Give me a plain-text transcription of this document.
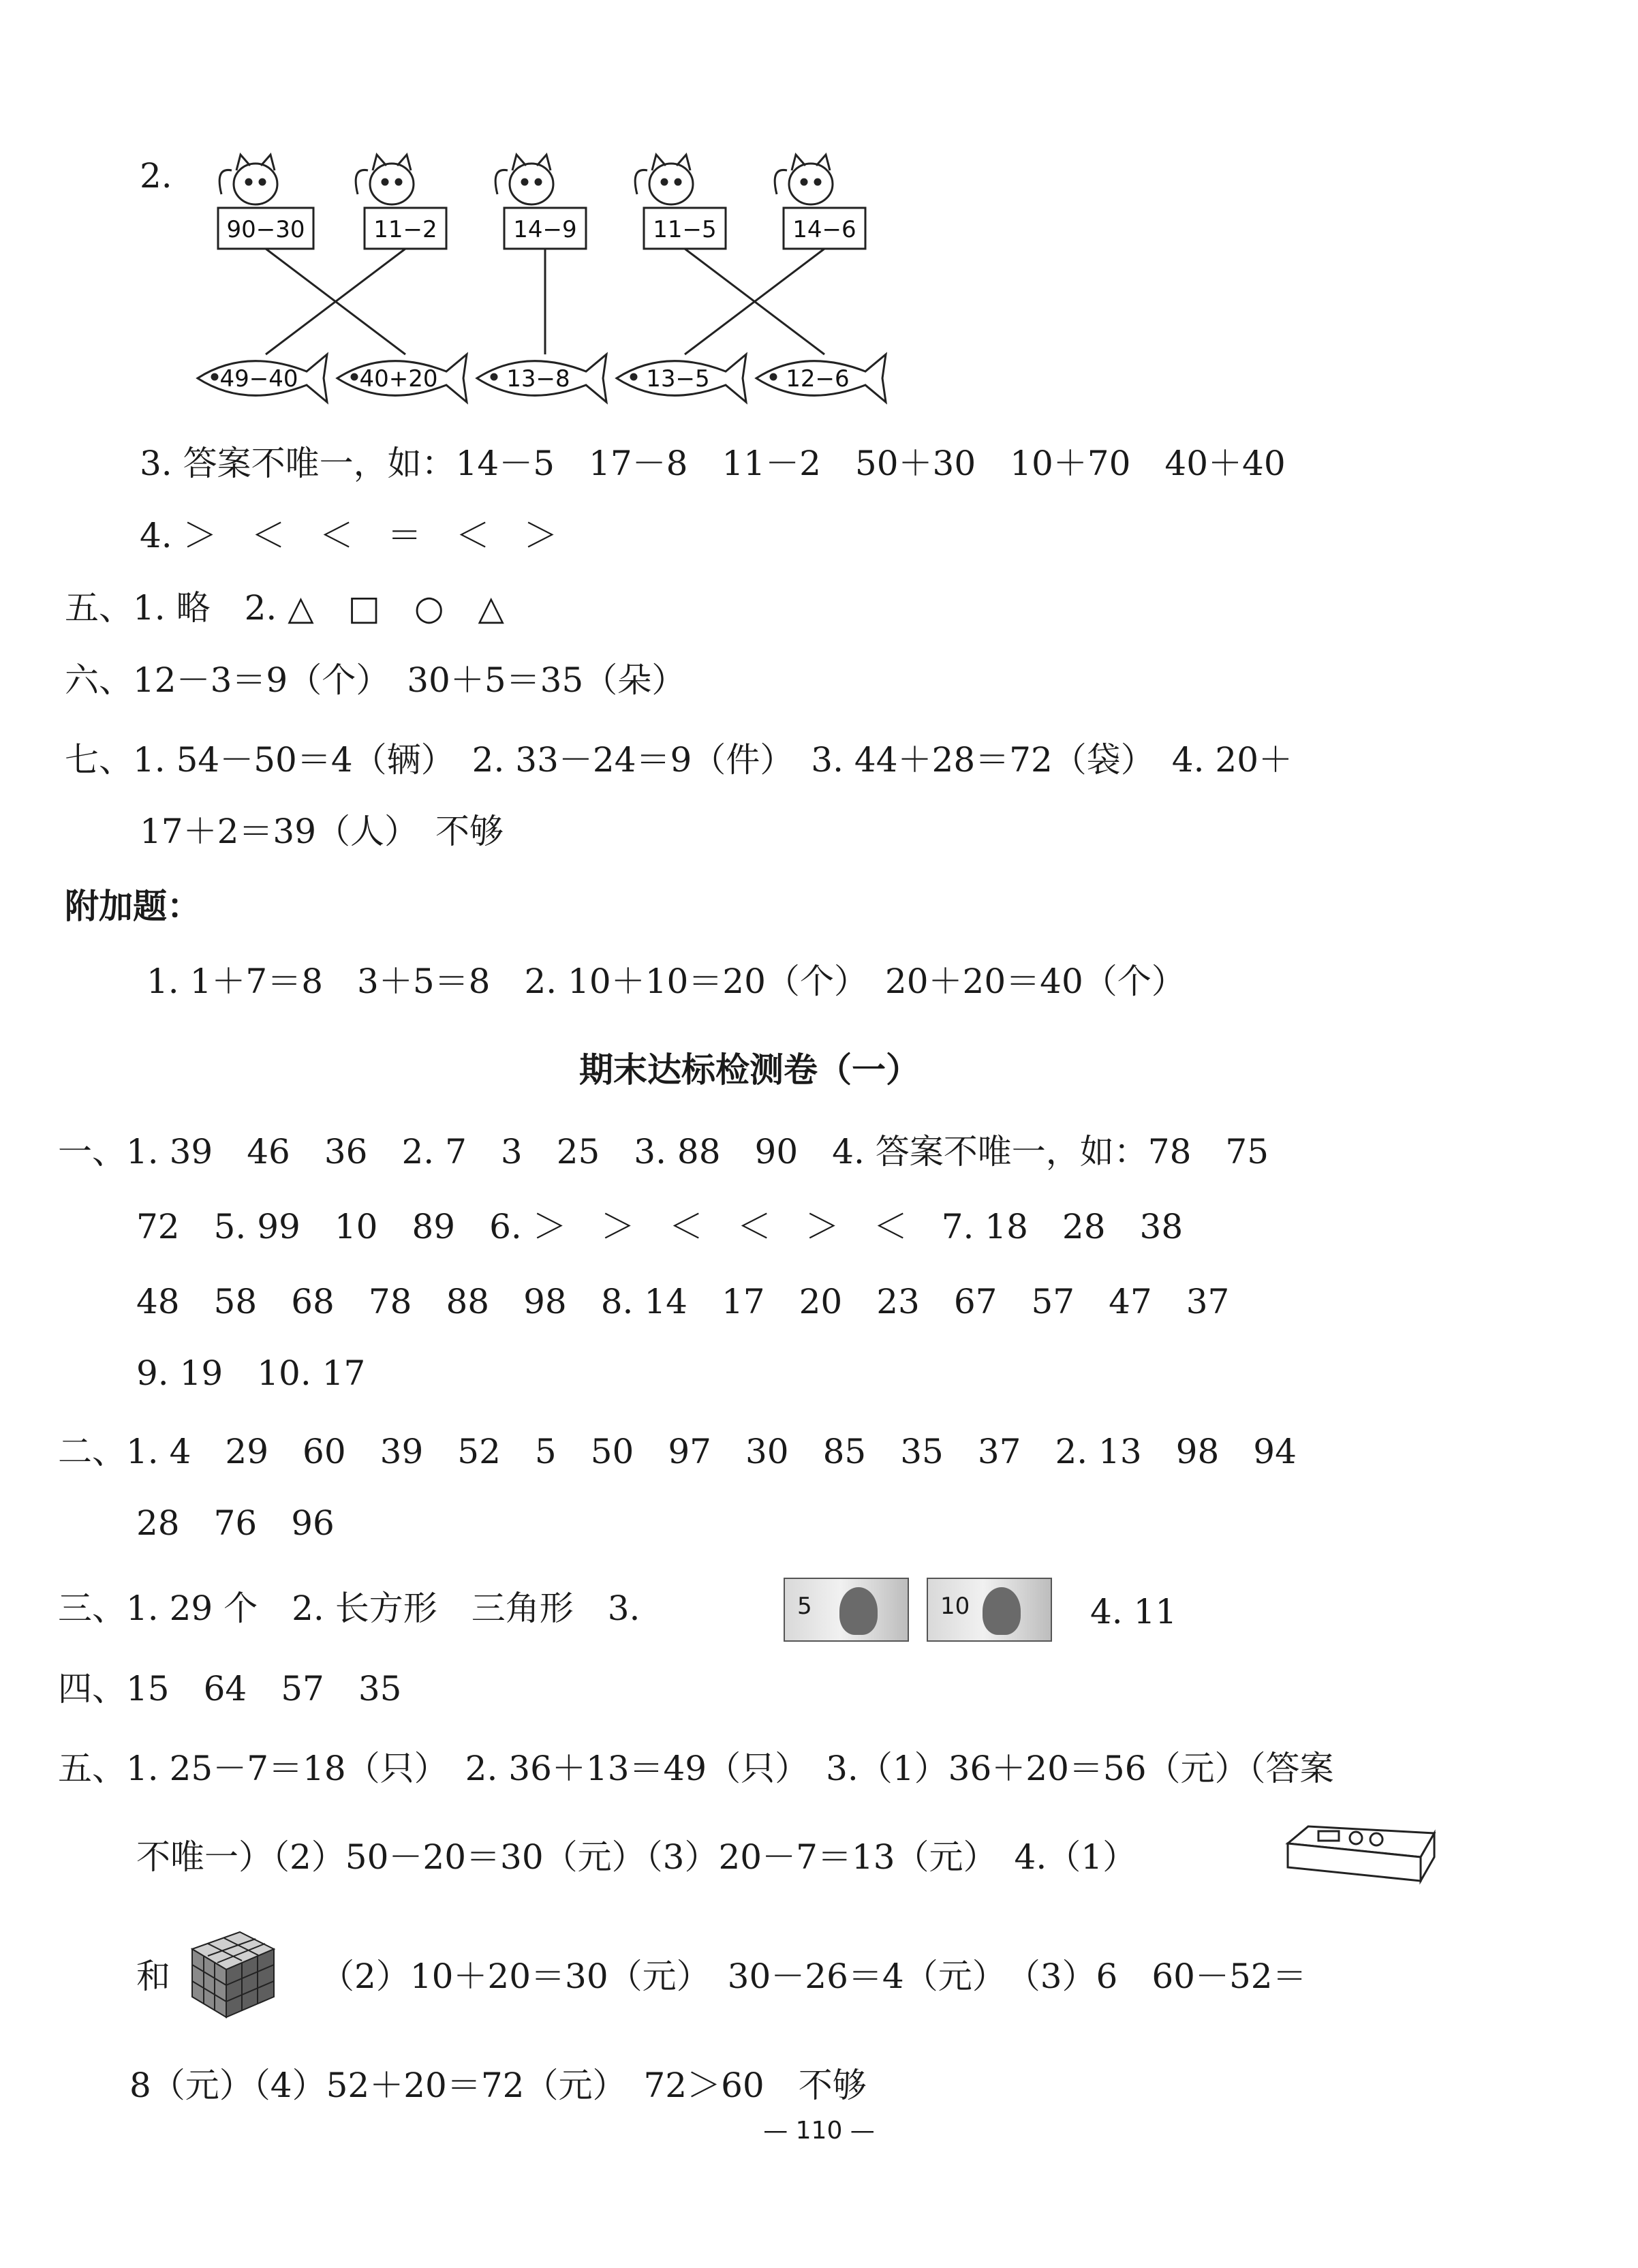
2.
90−30	11−2	14−9	11−5	14−6
49−40	40+20	13−8	13−5	12−6
3. 答案不唯一，如：14－5　17－8　11－2　50＋30　10＋70　40＋40
4. ＞　＜　＜　＝　＜　＞
五、1. 略　2. △　□　○　△
六、12－3＝9（个）　30＋5＝35（朵）
七、1. 54－50＝4（辆）　2. 33－24＝9（件）　3. 44＋28＝72（袋）　4. 20＋
17＋2＝39（人）　不够
附加题：
1. 1＋7＝8　3＋5＝8　2. 10＋10＝20（个）　20＋20＝40（个）
期末达标检测卷（一）
一、1. 39　46　36　2. 7　3　25　3. 88　90　4. 答案不唯一，如：78　75
72　5. 99　10　89　6. ＞　＞　＜　＜　＞　＜　7. 18　28　38
48　58　68　78　88　98　8. 14　17　20　23　67　57　47　37
9. 19　10. 17
二、1. 4　29　60　39　52　5　50　97　30　85　35　37　2. 13　98　94
28　76　96
三、1. 29 个　2. 长方形　三角形　3.	5	10	4. 11
四、15　64　57　35
五、1. 25－7＝18（只）　2. 36＋13＝49（只）　3.（1）36＋20＝56（元）（答案
不唯一）（2）50－20＝30（元）（3）20－7＝13（元）　4.（1）
和	（2）10＋20＝30（元）　30－26＝4（元）　（3）6　60－52＝
8（元）（4）52＋20＝72（元）　72＞60　不够
— 110 —
